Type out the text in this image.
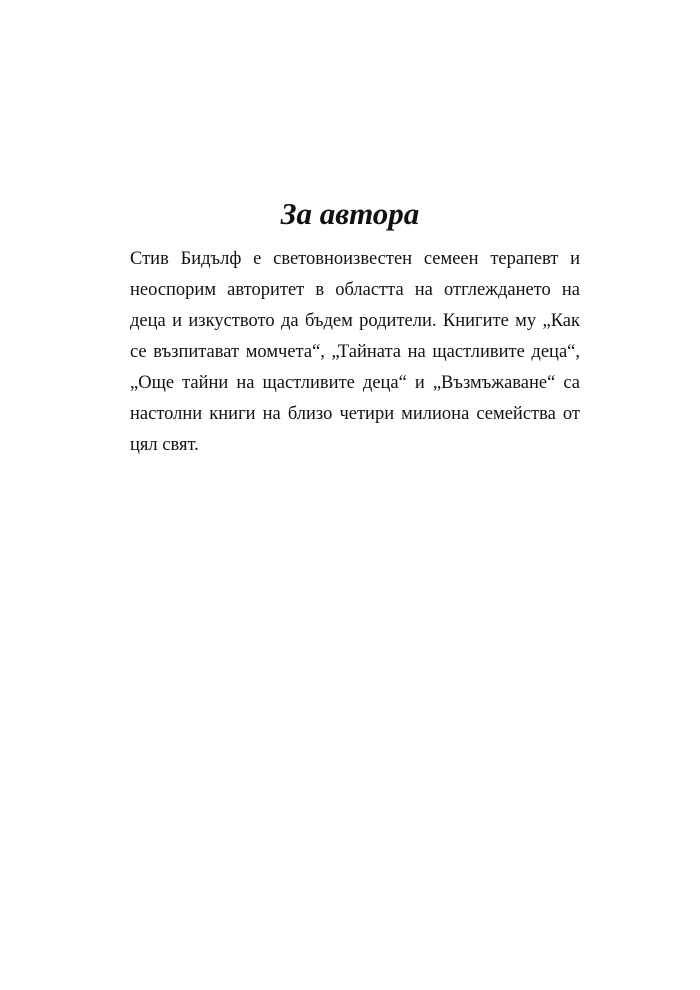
За автора
Стив Бидълф е световноизвестен семеен терапевт и
неоспорим авторитет в областта на отглеждането на
деца и изкуството да бъдем родители. Книгите му „Как
се възпитават момчета“, „Тайната на щастливите деца“,
„Още тайни на щастливите деца“ и „Възмъжаване“ са
настолни книги на близо четири милиона семейства от
цял свят.
